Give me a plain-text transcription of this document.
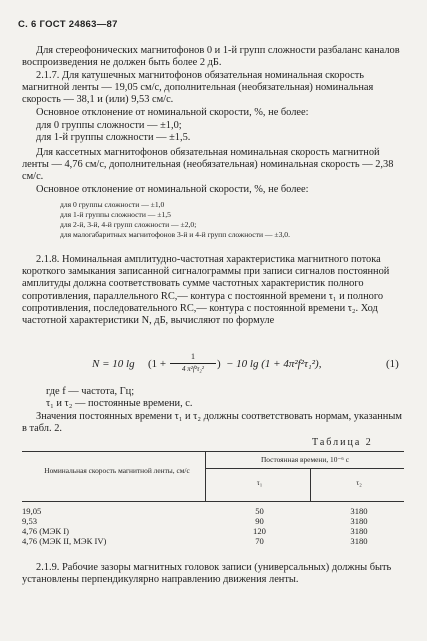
С. 6 ГОСТ 24863—87

Для стереофонических магнитофонов 0 и 1-й групп сложности разбаланс каналов воспроизведения не должен быть более 2 дБ.

2.1.7. Для катушечных магнитофонов обязательная номинальная скорость магнитной ленты — 19,05 см/с, дополнительная (необязательная) номинальная скорость — 38,1 и (или) 9,53 см/с.

Основное отклонение от номинальной скорости, %, не более:

для 0 группы сложности — ±1,0;

для 1-й группы сложности — ±1,5.

Для кассетных магнитофонов обязательная номинальная скорость магнитной ленты — 4,76 см/с, дополнительная (необязательная) номинальная скорость — 2,38 см/с.

Основное отклонение от номинальной скорости, %, не более:

для 0 группы сложности — ±1,0
для 1-й группы сложности — ±1,5
для 2-й, 3-й, 4-й групп сложности — ±2,0;
для малогабаритных магнитофонов 3-й и 4-й групп сложности — ±3,0.

2.1.8. Номинальная амплитудно-частотная характеристика магнитного потока короткого замыкания записанной сигналограммы при записи сигналов постоянной амплитуды должна соответствовать сумме частотных характеристик полного сопротивления, параллельного RC,— контура с постоянной времени τ₁ и полного сопротивления, последовательного RC,— контура с постоянной времени τ₂. Ход частотной характеристики N, дБ, вычисляют по формуле

N = 10 $\lg (1 + \frac{1}{\text{4 π²f²τ₂²}}$ ) − 10 lg (1 + 4π²f²τ₁²),	(1)

где f — частота, Гц;

τ₁ и τ₂ — постоянные времени, с.

Значения постоянных времени τ₁ и τ₂ должны соответствовать нормам, указанным в табл. 2.

Таблица 2
Номинальная скорость магнитной ленты, см/с
Постоянная времени, 10⁻⁶ с
τ₁	τ₂
19,05	50	3180
9,53	90	3180
4,76 (МЭК I)	120	3180
4,76 (МЭК II, МЭК IV)	70	3180

2.1.9. Рабочие зазоры магнитных головок записи (универсальных) должны быть установлены перпендикулярно направлению движения ленты.
